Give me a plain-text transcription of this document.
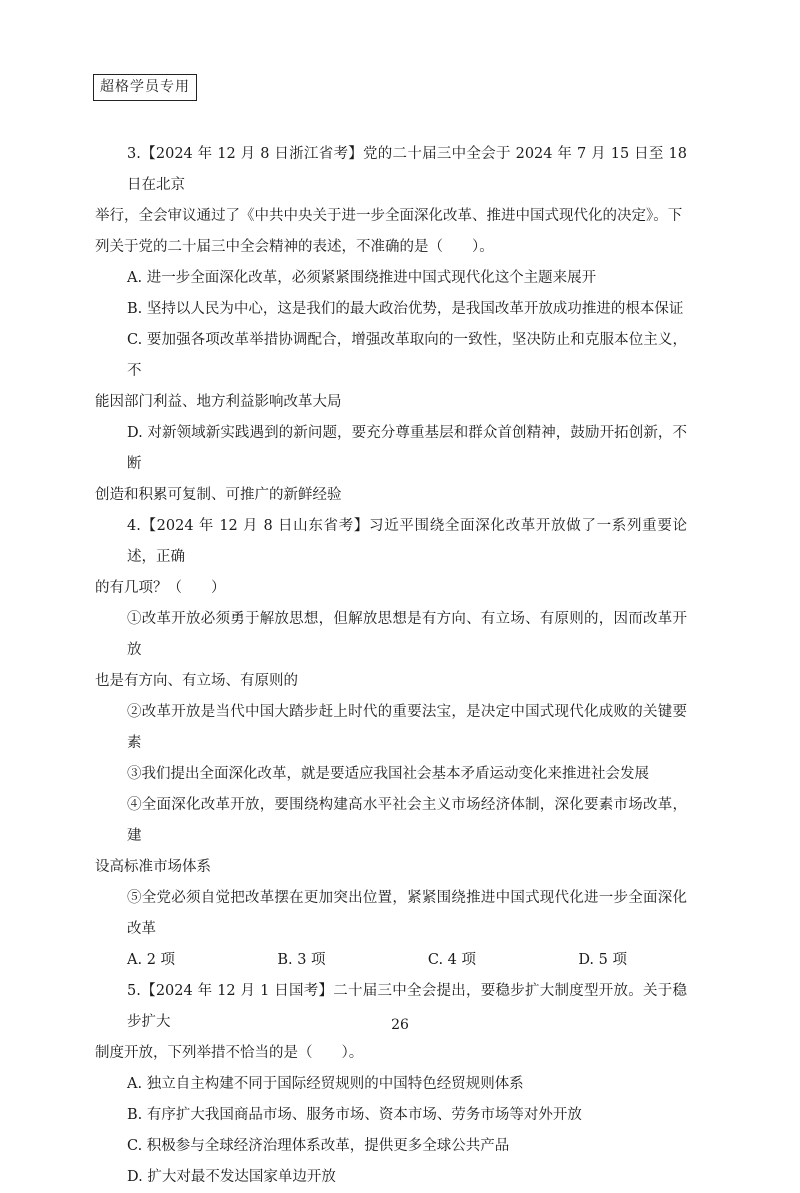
超格学员专用

3.【2024 年 12 月 8 日浙江省考】党的二十届三中全会于 2024 年 7 月 15 日至 18 日在北京

举行，全会审议通过了《中共中央关于进一步全面深化改革、推进中国式现代化的决定》。下

列关于党的二十届三中全会精神的表述，不准确的是（　　）。

A. 进一步全面深化改革，必须紧紧围绕推进中国式现代化这个主题来展开

B. 坚持以人民为中心，这是我们的最大政治优势，是我国改革开放成功推进的根本保证

C. 要加强各项改革举措协调配合，增强改革取向的一致性，坚决防止和克服本位主义，不

能因部门利益、地方利益影响改革大局

D. 对新领域新实践遇到的新问题，要充分尊重基层和群众首创精神，鼓励开拓创新，不断

创造和积累可复制、可推广的新鲜经验

4.【2024 年 12 月 8 日山东省考】习近平围绕全面深化改革开放做了一系列重要论述，正确

的有几项？（　　）

①改革开放必须勇于解放思想，但解放思想是有方向、有立场、有原则的，因而改革开放

也是有方向、有立场、有原则的

②改革开放是当代中国大踏步赶上时代的重要法宝，是决定中国式现代化成败的关键要素

③我们提出全面深化改革，就是要适应我国社会基本矛盾运动变化来推进社会发展

④全面深化改革开放，要围绕构建高水平社会主义市场经济体制，深化要素市场改革，建

设高标准市场体系

⑤全党必须自觉把改革摆在更加突出位置，紧紧围绕推进中国式现代化进一步全面深化改革

A. 2 项	B. 3 项	C. 4 项	D. 5 项

5.【2024 年 12 月 1 日国考】二十届三中全会提出，要稳步扩大制度型开放。关于稳步扩大

制度开放，下列举措不恰当的是（　　）。

A. 独立自主构建不同于国际经贸规则的中国特色经贸规则体系

B. 有序扩大我国商品市场、服务市场、资本市场、劳务市场等对外开放

C. 积极参与全球经济治理体系改革，提供更多全球公共产品

D. 扩大对最不发达国家单边开放

26
